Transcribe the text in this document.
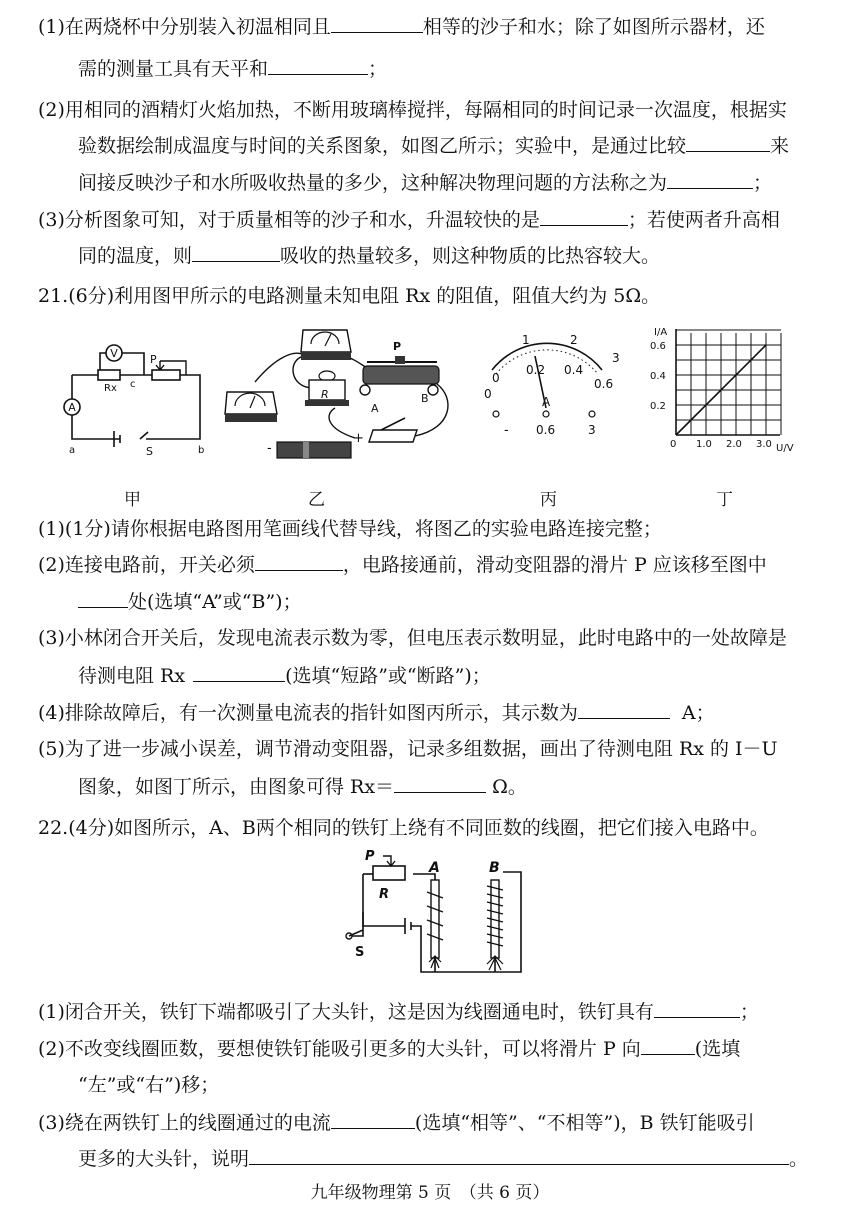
(1)在两烧杯中分别装入初温相同且	相等的沙子和水；除了如图所示器材，还
需的测量工具有天平和	；
(2)用相同的酒精灯火焰加热，不断用玻璃棒搅拌，每隔相同的时间记录一次温度，根据实
验数据绘制成温度与时间的关系图象，如图乙所示；实验中，是通过比较	来
间接反映沙子和水所吸收热量的多少，这种解决物理问题的方法称之为	；
(3)分析图象可知，对于质量相等的沙子和水，升温较快的是	；若使两者升高相
同的温度，则	吸收的热量较多，则这种物质的比热容较大。
21.(6分)利用图甲所示的电路测量未知电阻 Rx 的阻值，阻值大约为 5Ω。
V
A
P
Rx c
a	S	b
P
R
A
B
-
+
0
1	2
3
0
0.2 0.4
0.6
A
- 0.6	3
I/A
U/V
0.6
0.4
0.2
0 1.0 2.0 3.0
甲	乙	丙	丁
(1)(1分)请你根据电路图用笔画线代替导线，将图乙的实验电路连接完整；
(2)连接电路前，开关必须	，电路接通前，滑动变阻器的滑片 P 应该移至图中
处(选填“A”或“B”)；
(3)小林闭合开关后，发现电流表示数为零，但电压表示数明显，此时电路中的一处故障是
待测电阻 Rx	(选填“短路”或“断路”)；
(4)排除故障后，有一次测量电流表的指针如图丙所示，其示数为	A；
(5)为了进一步减小误差，调节滑动变阻器，记录多组数据，画出了待测电阻 Rx 的 I－U
图象，如图丁所示，由图象可得 Rx＝	Ω。
22.(4分)如图所示，A、B两个相同的铁钉上绕有不同匝数的线圈，把它们接入电路中。
P
R
S
A	B
(1)闭合开关，铁钉下端都吸引了大头针，这是因为线圈通电时，铁钉具有	；
(2)不改变线圈匝数，要想使铁钉能吸引更多的大头针，可以将滑片 P 向	(选填
“左”或“右”)移；
(3)绕在两铁钉上的线圈通过的电流	(选填“相等”、“不相等”)，B 铁钉能吸引
更多的大头针，说明	。
九年级物理第 5 页　（共 6 页）
